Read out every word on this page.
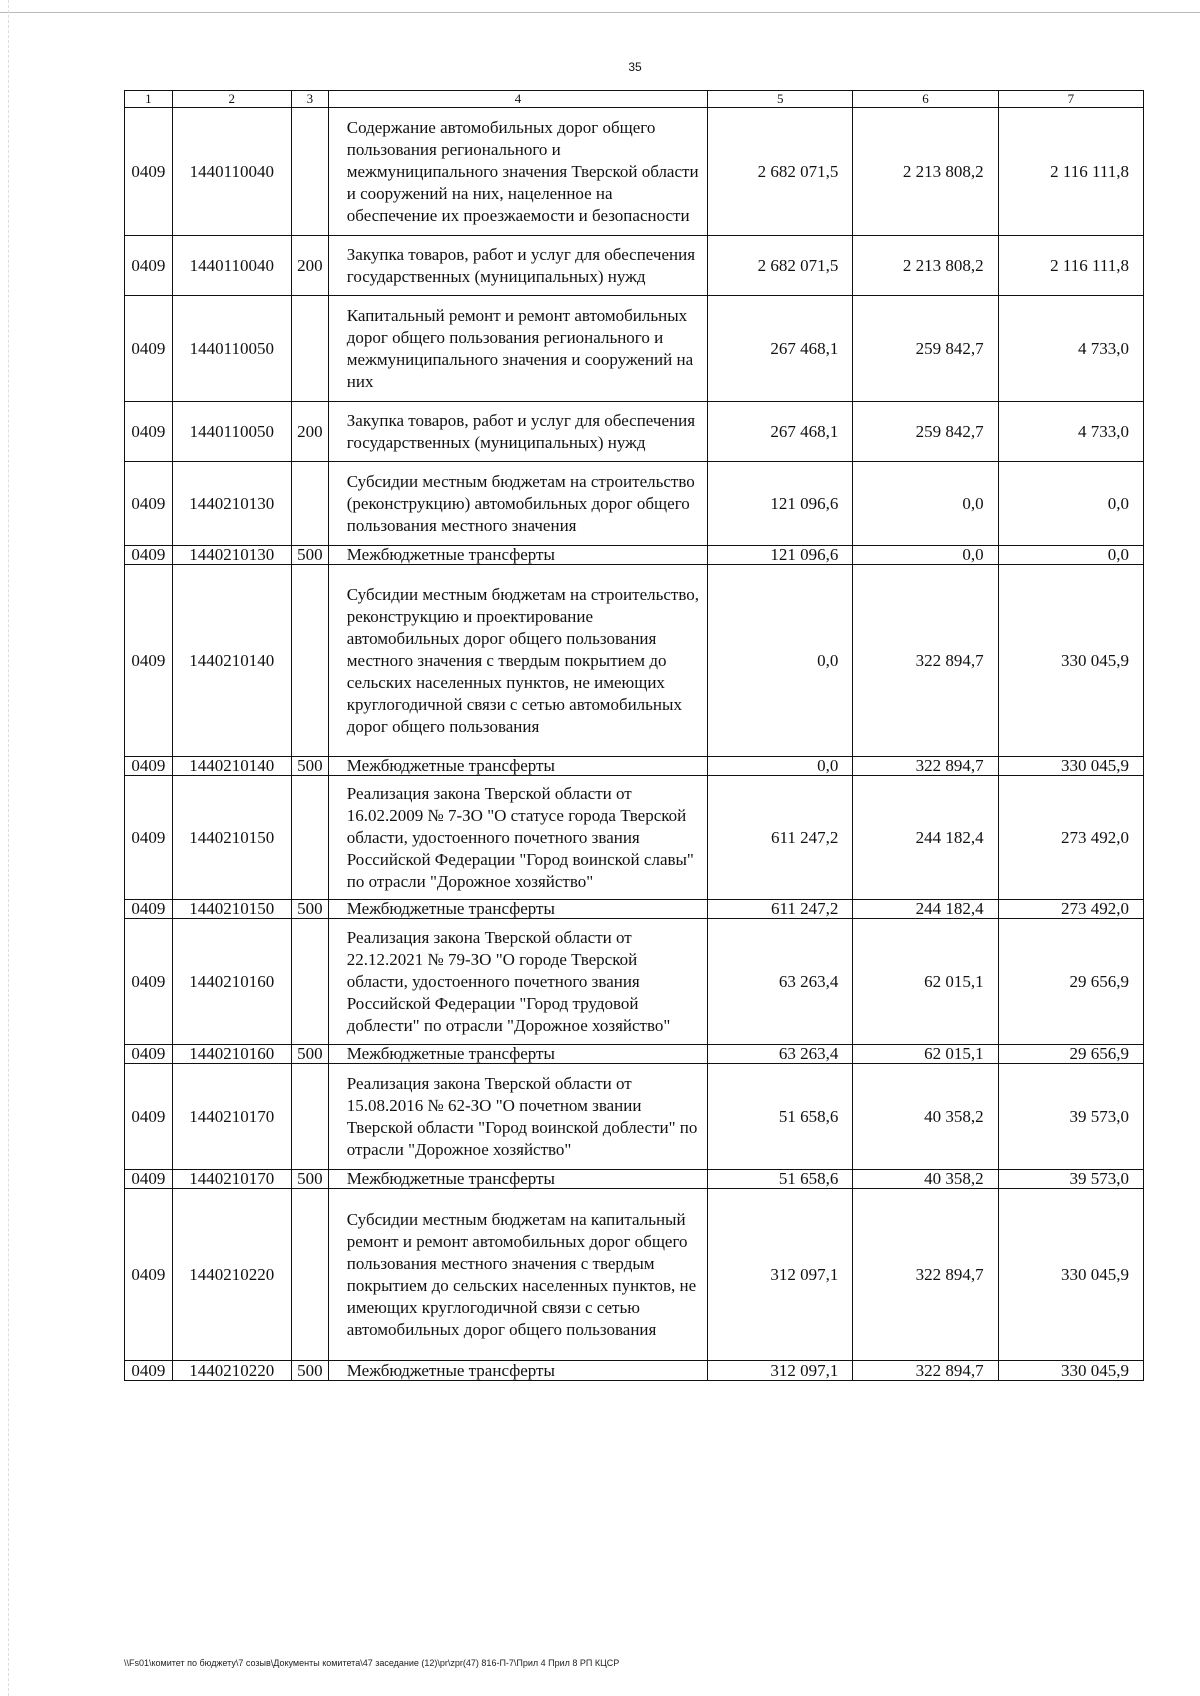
35
1	2	3	4	5	6	7
0409	1440110040		Содержание автомобильных дорог общего пользования регионального и межмуниципального значения Тверской области и сооружений на них, нацеленное на обеспечение их проезжаемости и безопасности	2 682 071,5	2 213 808,2	2 116 111,8
0409	1440110040	200	Закупка товаров, работ и услуг для обеспечения государственных (муниципальных) нужд	2 682 071,5	2 213 808,2	2 116 111,8
0409	1440110050		Капитальный ремонт и ремонт автомобильных дорог общего пользования регионального и межмуниципального значения и сооружений на них	267 468,1	259 842,7	4 733,0
0409	1440110050	200	Закупка товаров, работ и услуг для обеспечения государственных (муниципальных) нужд	267 468,1	259 842,7	4 733,0
0409	1440210130		Субсидии местным бюджетам на строительство (реконструкцию) автомобильных дорог общего пользования местного значения	121 096,6	0,0	0,0
0409	1440210130	500	Межбюджетные трансферты	121 096,6	0,0	0,0
0409	1440210140		Субсидии местным бюджетам на строительство, реконструкцию и проектирование автомобильных дорог общего пользования местного значения с твердым покрытием до сельских населенных пунктов, не имеющих круглогодичной связи с сетью автомобильных дорог общего пользования	0,0	322 894,7	330 045,9
0409	1440210140	500	Межбюджетные трансферты	0,0	322 894,7	330 045,9
0409	1440210150		Реализация закона Тверской области от 16.02.2009 № 7-ЗО "О статусе города Тверской области, удостоенного почетного звания Российской Федерации "Город воинской славы" по отрасли "Дорожное хозяйство"	611 247,2	244 182,4	273 492,0
0409	1440210150	500	Межбюджетные трансферты	611 247,2	244 182,4	273 492,0
0409	1440210160		Реализация закона Тверской области от 22.12.2021 № 79-ЗО "О городе Тверской области, удостоенного почетного звания Российской Федерации "Город трудовой доблести" по отрасли "Дорожное хозяйство"	63 263,4	62 015,1	29 656,9
0409	1440210160	500	Межбюджетные трансферты	63 263,4	62 015,1	29 656,9
0409	1440210170		Реализация закона Тверской области от 15.08.2016 № 62-ЗО "О почетном звании Тверской области "Город воинской доблести" по отрасли "Дорожное хозяйство"	51 658,6	40 358,2	39 573,0
0409	1440210170	500	Межбюджетные трансферты	51 658,6	40 358,2	39 573,0
0409	1440210220		Субсидии местным бюджетам на капитальный ремонт и ремонт автомобильных дорог общего пользования местного значения с твердым покрытием до сельских населенных пунктов, не имеющих круглогодичной связи с сетью автомобильных дорог общего пользования	312 097,1	322 894,7	330 045,9
0409	1440210220	500	Межбюджетные трансферты	312 097,1	322 894,7	330 045,9
\\Fs01\комитет по бюджету\7 созыв\Документы комитета\47 заседание (12)\pr\zpr(47) 816-П-7\Прил 4 Прил 8 РП КЦСР
